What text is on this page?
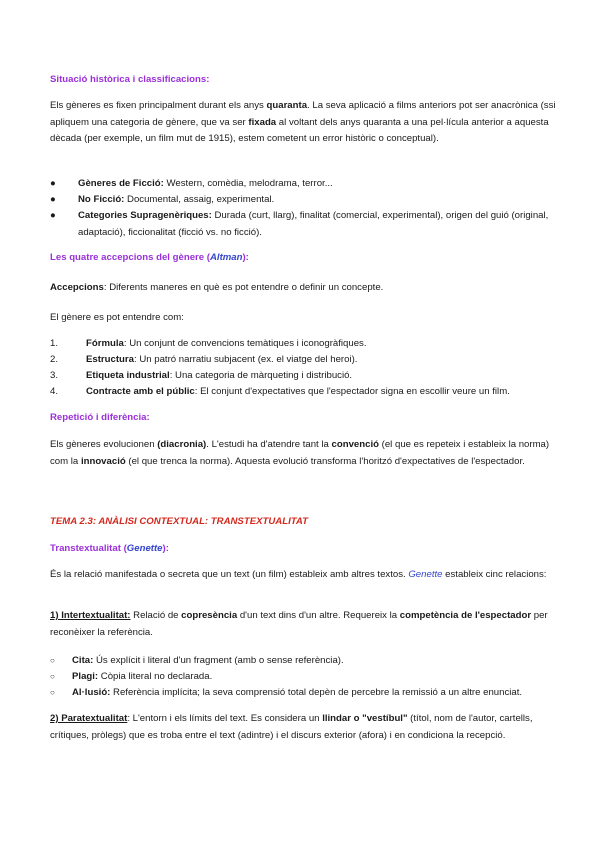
Situació històrica i classificacions:
Els gèneres es fixen principalment durant els anys quaranta. La seva aplicació a films anteriors pot ser anacrònica (ssi apliquem una categoria de gènere, que va ser fixada al voltant dels anys quaranta a una pel·lícula anterior a aquesta dècada (per exemple, un film mut de 1915), estem cometent un error històric o conceptual).
●	Gèneres de Ficció: Western, comèdia, melodrama, terror...
●	No Ficció: Documental, assaig, experimental.
●	Categories Supragenèriques: Durada (curt, llarg), finalitat (comercial, experimental), origen del guió (original, adaptació), ficcionalitat (ficció vs. no ficció).
Les quatre accepcions del gènere (Altman):
Accepcions: Diferents maneres en què es pot entendre o definir un concepte.
El gènere es pot entendre com:
1.	Fórmula: Un conjunt de convencions temàtiques i iconogràfiques.
2.	Estructura: Un patró narratiu subjacent (ex. el viatge del heroi).
3.	Etiqueta industrial: Una categoria de màrqueting i distribució.
4.	Contracte amb el públic: El conjunt d'expectatives que l'espectador signa en escollir veure un film.
Repetició i diferència:
Els gèneres evolucionen (diacronia). L'estudi ha d'atendre tant la convenció (el que es repeteix i estableix la norma) com la innovació (el que trenca la norma). Aquesta evolució transforma l'horitzó d'expectatives de l'espectador.
TEMA 2.3: ANÀLISI CONTEXTUAL: TRANSTEXTUALITAT
Transtextualitat (Genette):
És la relació manifestada o secreta que un text (un film) estableix amb altres textos. Genette estableix cinc relacions:
1) Intertextualitat: Relació de copresència d'un text dins d'un altre. Requereix la competència de l'espectador per reconèixer la referència.
○ Cita: Ús explícit i literal d'un fragment (amb o sense referència).
○ Plagi: Còpia literal no declarada.
○ Al·lusió: Referència implícita; la seva comprensió total depèn de percebre la remissió a un altre enunciat.
2) Paratextualitat: L'entorn i els límits del text. Es considera un llindar o "vestíbul" (títol, nom de l'autor, cartells, crítiques, pròlegs) que es troba entre el text (adintre) i el discurs exterior (afora) i en condiciona la recepció.
